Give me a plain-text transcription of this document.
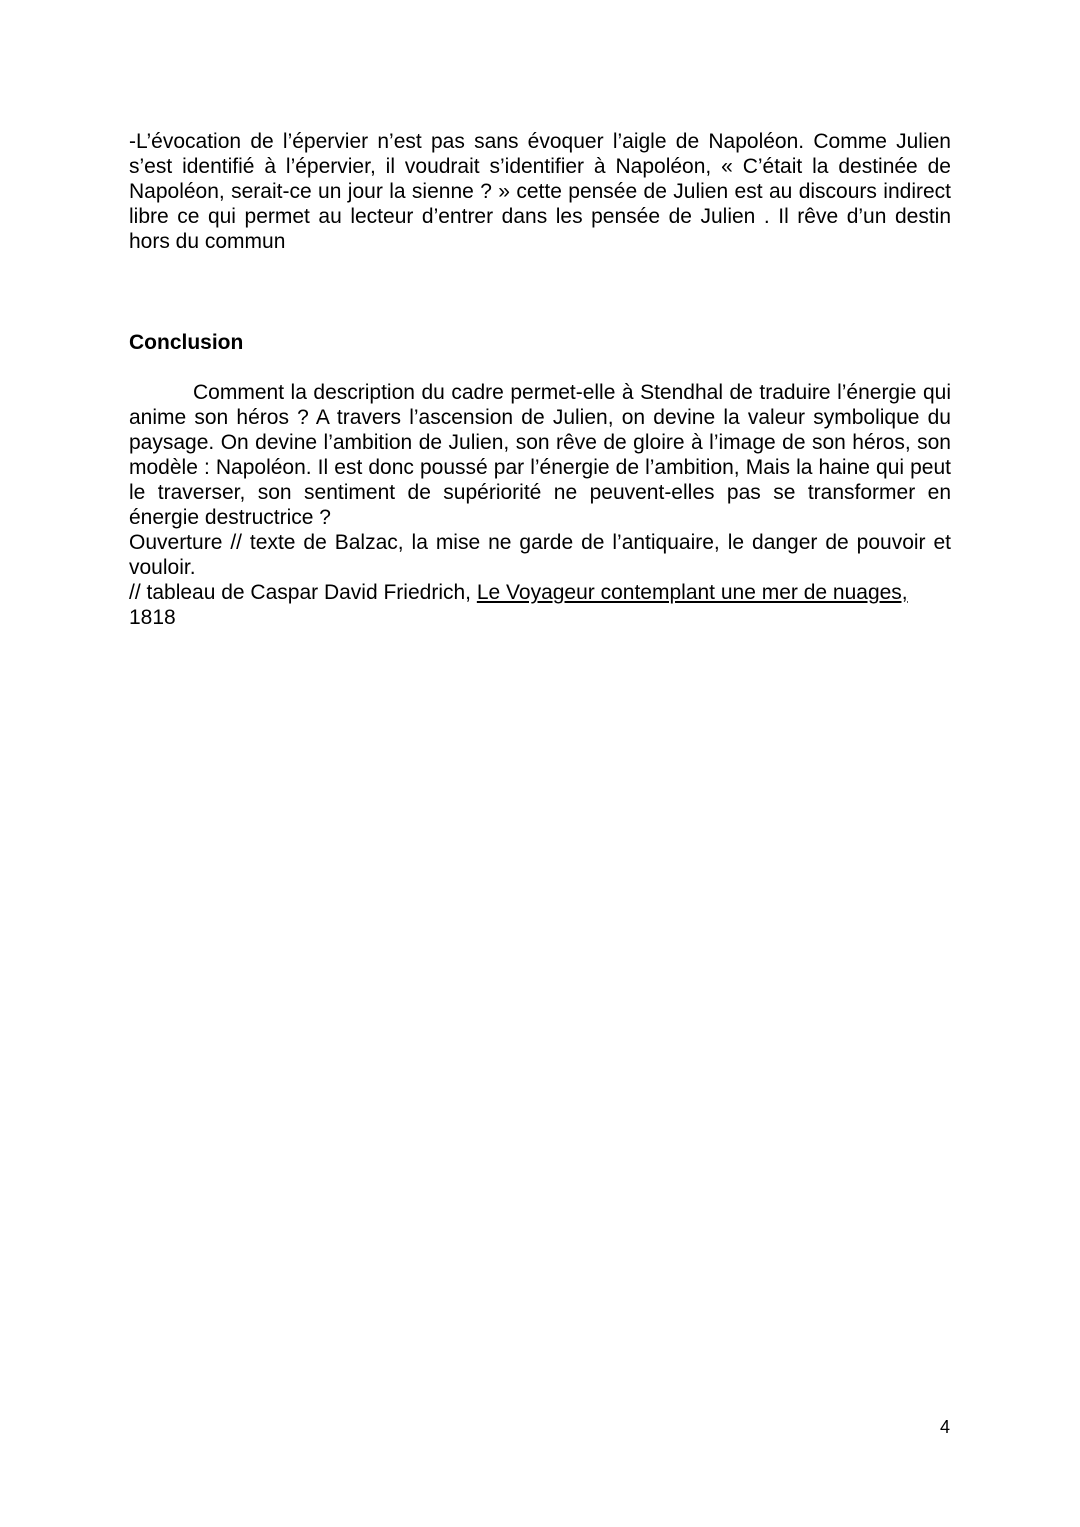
-L’évocation de l’épervier n’est pas sans évoquer l’aigle de Napoléon. Comme Julien s’est identifié à l’épervier, il voudrait s’identifier à Napoléon, « C’était la destinée de Napoléon, serait-ce un jour la sienne ? » cette pensée de Julien est au discours indirect libre ce qui permet au lecteur d’entrer dans les pensée de Julien . Il rêve d’un destin hors du commun
Conclusion

Comment la description du cadre permet-elle à Stendhal de traduire l’énergie qui anime son héros ? A travers l’ascension de Julien, on devine la valeur symbolique du paysage. On devine l’ambition de Julien, son rêve de gloire à l’image de son héros, son modèle : Napoléon. Il est donc poussé par l’énergie de l’ambition, Mais la haine qui peut le traverser, son sentiment de supériorité ne peuvent-elles pas se transformer en énergie destructrice ?

Ouverture // texte de Balzac, la mise ne garde de l’antiquaire, le danger de pouvoir et vouloir.

// tableau de Caspar David Friedrich, Le Voyageur contemplant une mer de nuages,
1818

4
